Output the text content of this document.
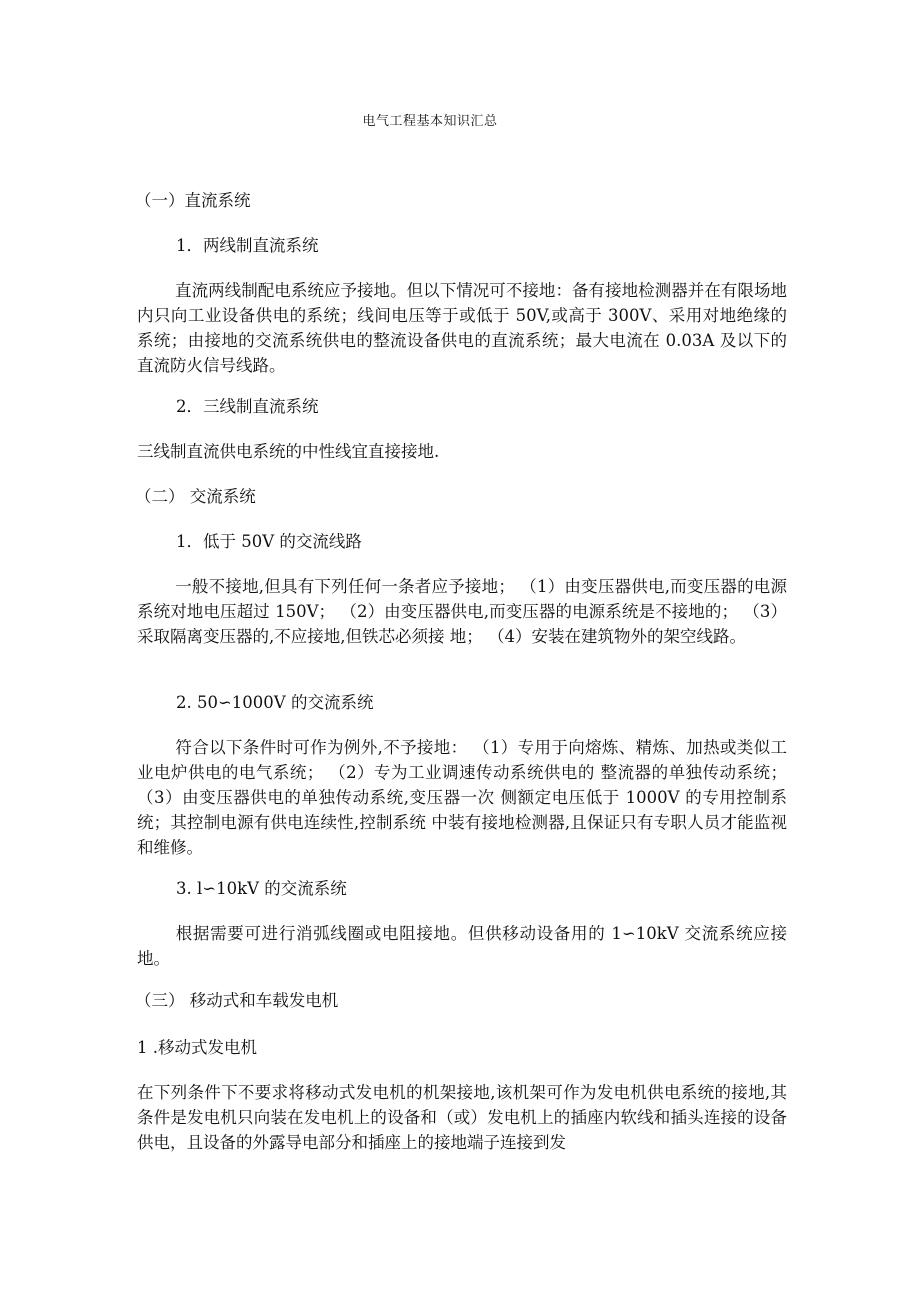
电气工程基本知识汇总
（一）直流系统
1．两线制直流系统
直流两线制配电系统应予接地。但以下情况可不接地：备有接地检测器并在有限场地内只向工业设备供电的系统；线间电压等于或低于 50V,或高于 300V、采用对地绝缘的系统；由接地的交流系统供电的整流设备供电的直流系统；最大电流在 0.03A 及以下的直流防火信号线路。
2．三线制直流系统
三线制直流供电系统的中性线宜直接接地.
（二） 交流系统
1．低于 50V 的交流线路
一般不接地,但具有下列任何一条者应予接地； （1）由变压器供电,而变压器的电源系统对地电压超过 150V； （2）由变压器供电,而变压器的电源系统是不接地的； （3）采取隔离变压器的,不应接地,但铁芯必须接 地； （4）安装在建筑物外的架空线路。
2. 50∽1000V 的交流系统
符合以下条件时可作为例外,不予接地： （1）专用于向熔炼、精炼、加热或类似工业电炉供电的电气系统； （2）专为工业调速传动系统供电的 整流器的单独传动系统； （3）由变压器供电的单独传动系统,变压器一次 侧额定电压低于 1000V 的专用控制系统；其控制电源有供电连续性,控制系统 中装有接地检测器,且保证只有专职人员才能监视和维修。
3. l∽10kV 的交流系统
根据需要可进行消弧线圈或电阻接地。但供移动设备用的 1∽10kV 交流系统应接地。
（三） 移动式和车载发电机
1 .移动式发电机
在下列条件下不要求将移动式发电机的机架接地,该机架可作为发电机供电系统的接地,其条件是发电机只向装在发电机上的设备和（或）发电机上的插座内软线和插头连接的设备供电，且设备的外露导电部分和插座上的接地端子连接到发
